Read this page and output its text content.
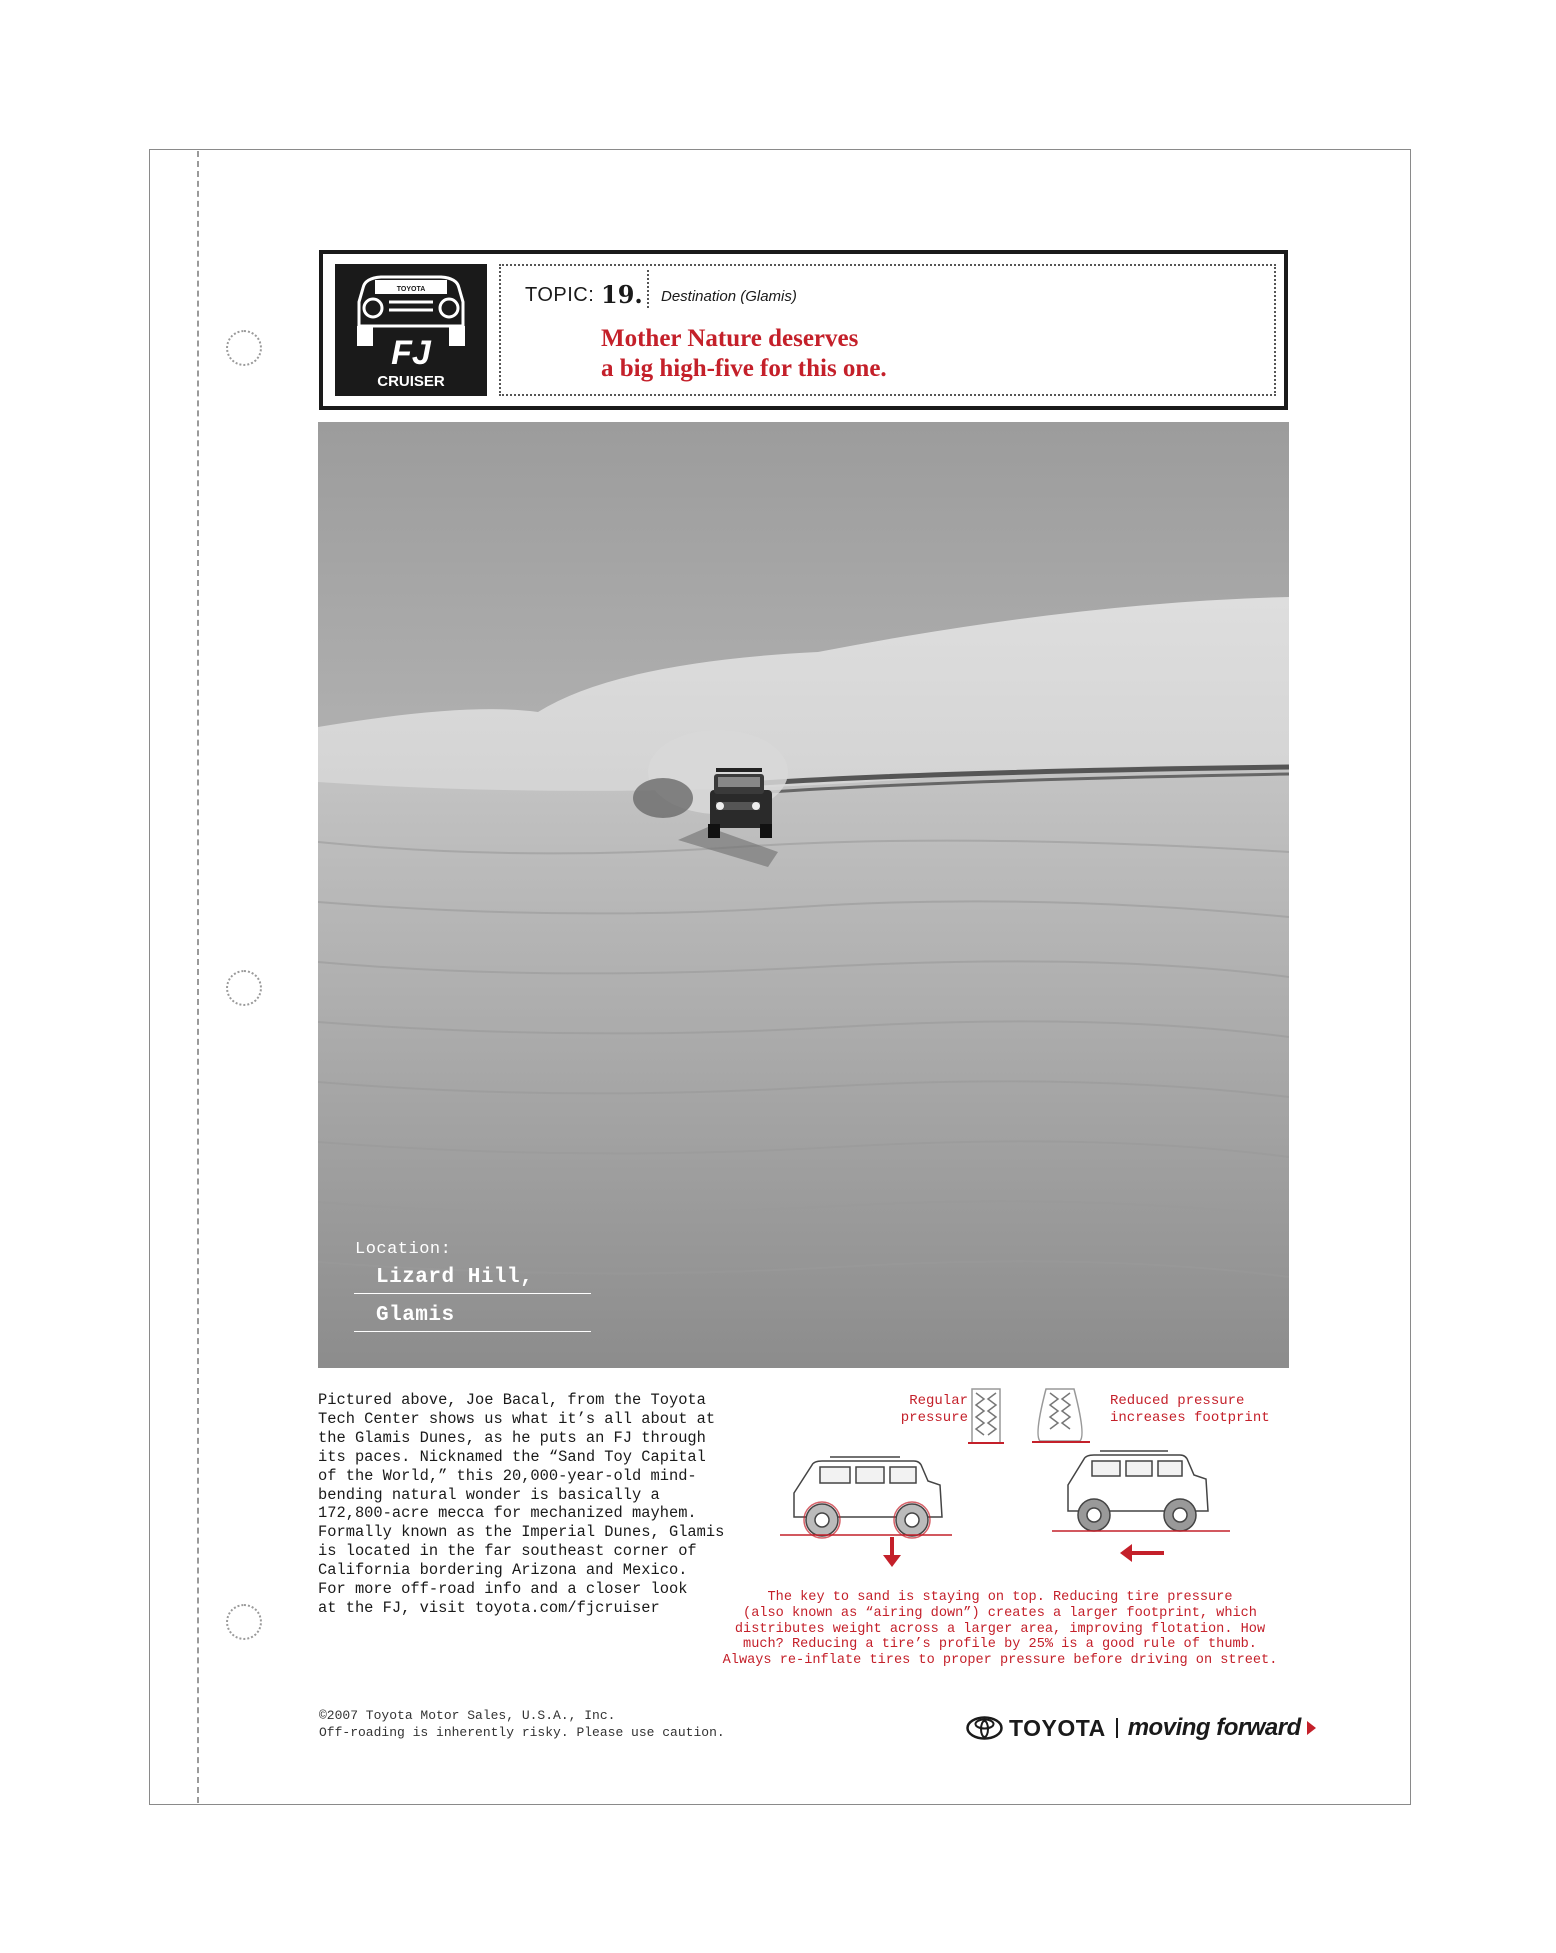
TOYOTA
FJ
CRUISER
TOPIC: 19. Destination (Glamis)
Mother Nature deserves
a big high-five for this one.
Location:
Lizard Hill,
Glamis
Pictured above, Joe Bacal, from the Toyota
Tech Center shows us what it’s all about at
the Glamis Dunes, as he puts an FJ through
its paces. Nicknamed the “Sand Toy Capital
of the World,” this 20,000-year-old mind-
bending natural wonder is basically a
172,800-acre mecca for mechanized mayhem.
Formally known as the Imperial Dunes, Glamis
is located in the far southeast corner of
California bordering Arizona and Mexico.
For more off-road info and a closer look
at the FJ, visit toyota.com/fjcruiser
Regular
pressure
Reduced pressure
increases footprint
The key to sand is staying on top. Reducing tire pressure
(also known as “airing down”) creates a larger footprint, which
distributes weight across a larger area, improving flotation. How
much? Reducing a tire’s profile by 25% is a good rule of thumb.
Always re-inflate tires to proper pressure before driving on street.
©2007 Toyota Motor Sales, U.S.A., Inc.
Off-roading is inherently risky. Please use caution.	TOYOTA moving forward
